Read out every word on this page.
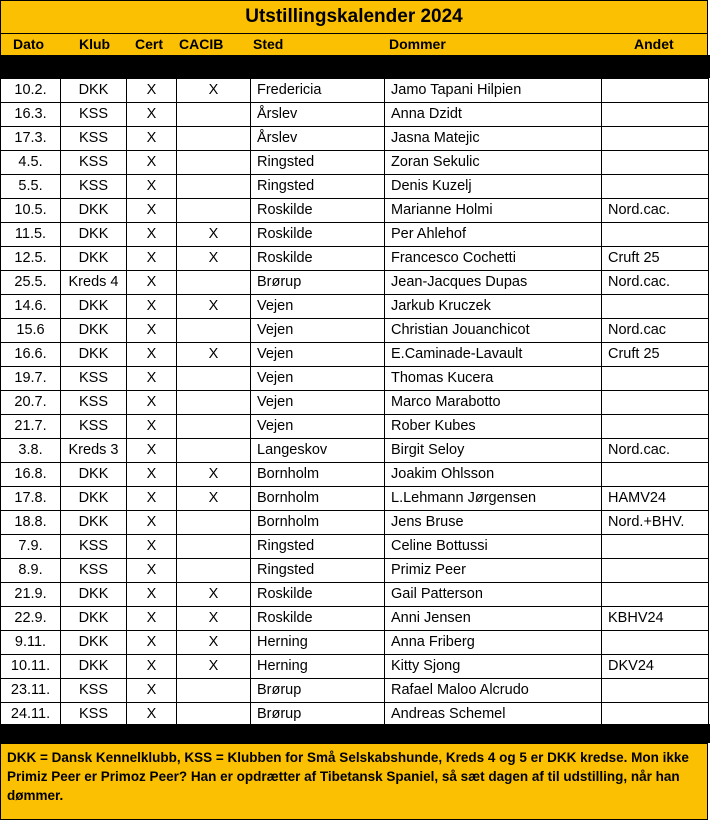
Utstillingskalender 2024
Dato Klub Cert CACIB Sted	Dommer	Andet
10.2.	DKK	X	X	Fredericia	Jamo Tapani Hilpien	
16.3.	KSS	X		Årslev	Anna Dzidt	
17.3.	KSS	X		Årslev	Jasna Matejic	
4.5.	KSS	X		Ringsted	Zoran Sekulic	
5.5.	KSS	X		Ringsted	Denis Kuzelj	
10.5.	DKK	X		Roskilde	Marianne Holmi	Nord.cac.
11.5.	DKK	X	X	Roskilde	Per Ahlehof	
12.5.	DKK	X	X	Roskilde	Francesco Cochetti	Cruft 25
25.5.	Kreds 4	X		Brørup	Jean-Jacques Dupas	Nord.cac.
14.6.	DKK	X	X	Vejen	Jarkub Kruczek	
15.6	DKK	X		Vejen	Christian Jouanchicot	Nord.cac
16.6.	DKK	X	X	Vejen	E.Caminade-Lavault	Cruft 25
19.7.	KSS	X		Vejen	Thomas Kucera	
20.7.	KSS	X		Vejen	Marco Marabotto	
21.7.	KSS	X		Vejen	Rober Kubes	
3.8.	Kreds 3	X		Langeskov	Birgit Seloy	Nord.cac.
16.8.	DKK	X	X	Bornholm	Joakim Ohlsson	
17.8.	DKK	X	X	Bornholm	L.Lehmann Jørgensen	HAMV24
18.8.	DKK	X		Bornholm	Jens Bruse	Nord.+BHV.
7.9.	KSS	X		Ringsted	Celine Bottussi	
8.9.	KSS	X		Ringsted	Primiz Peer	
21.9.	DKK	X	X	Roskilde	Gail Patterson	
22.9.	DKK	X	X	Roskilde	Anni Jensen	KBHV24
9.11.	DKK	X	X	Herning	Anna Friberg	
10.11.	DKK	X	X	Herning	Kitty Sjong	DKV24
23.11.	KSS	X		Brørup	Rafael Maloo Alcrudo	
24.11.	KSS	X		Brørup	Andreas Schemel	
DKK = Dansk Kennelklubb, KSS = Klubben for Små Selskabshunde, Kreds 4 og 5 er DKK kredse. Mon ikke Primiz Peer er Primoz Peer? Han er opdrætter af Tibetansk Spaniel, så sæt dagen af til udstilling, når han dømmer.
